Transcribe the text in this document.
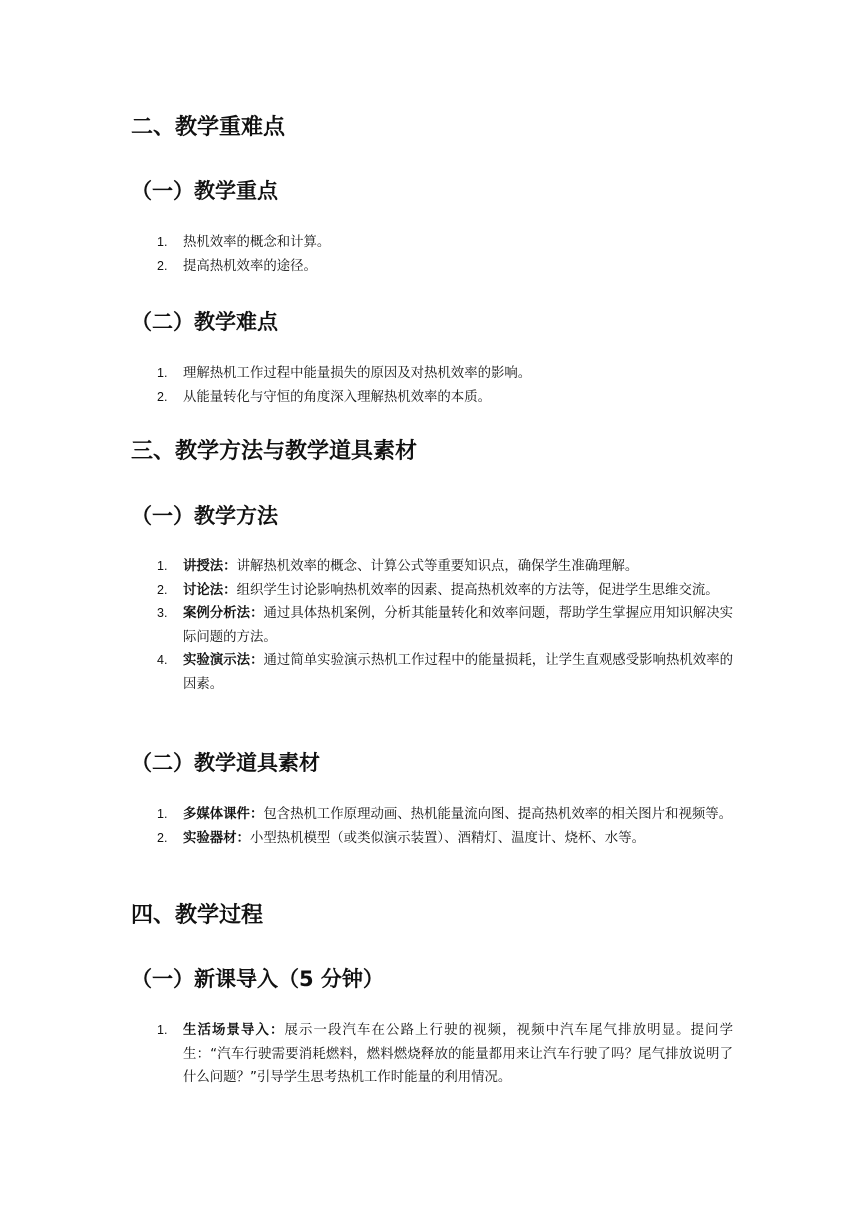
二、教学重难点
（一）教学重点
1. 热机效率的概念和计算。
2. 提高热机效率的途径。
（二）教学难点
1. 理解热机工作过程中能量损失的原因及对热机效率的影响。
2. 从能量转化与守恒的角度深入理解热机效率的本质。
三、教学方法与教学道具素材
（一）教学方法
1. 讲授法：讲解热机效率的概念、计算公式等重要知识点，确保学生准确理解。
2. 讨论法：组织学生讨论影响热机效率的因素、提高热机效率的方法等，促进学生思维交流。
3. 案例分析法：通过具体热机案例，分析其能量转化和效率问题，帮助学生掌握应用知识解决实际问题的方法。
4. 实验演示法：通过简单实验演示热机工作过程中的能量损耗，让学生直观感受影响热机效率的因素。
（二）教学道具素材
1. 多媒体课件：包含热机工作原理动画、热机能量流向图、提高热机效率的相关图片和视频等。
2. 实验器材：小型热机模型（或类似演示装置）、酒精灯、温度计、烧杯、水等。
四、教学过程
（一）新课导入（5 分钟）
1. 生活场景导入：展示一段汽车在公路上行驶的视频，视频中汽车尾气排放明显。提问学生：“汽车行驶需要消耗燃料，燃料燃烧释放的能量都用来让汽车行驶了吗？尾气排放说明了什么问题？”引导学生思考热机工作时能量的利用情况。
